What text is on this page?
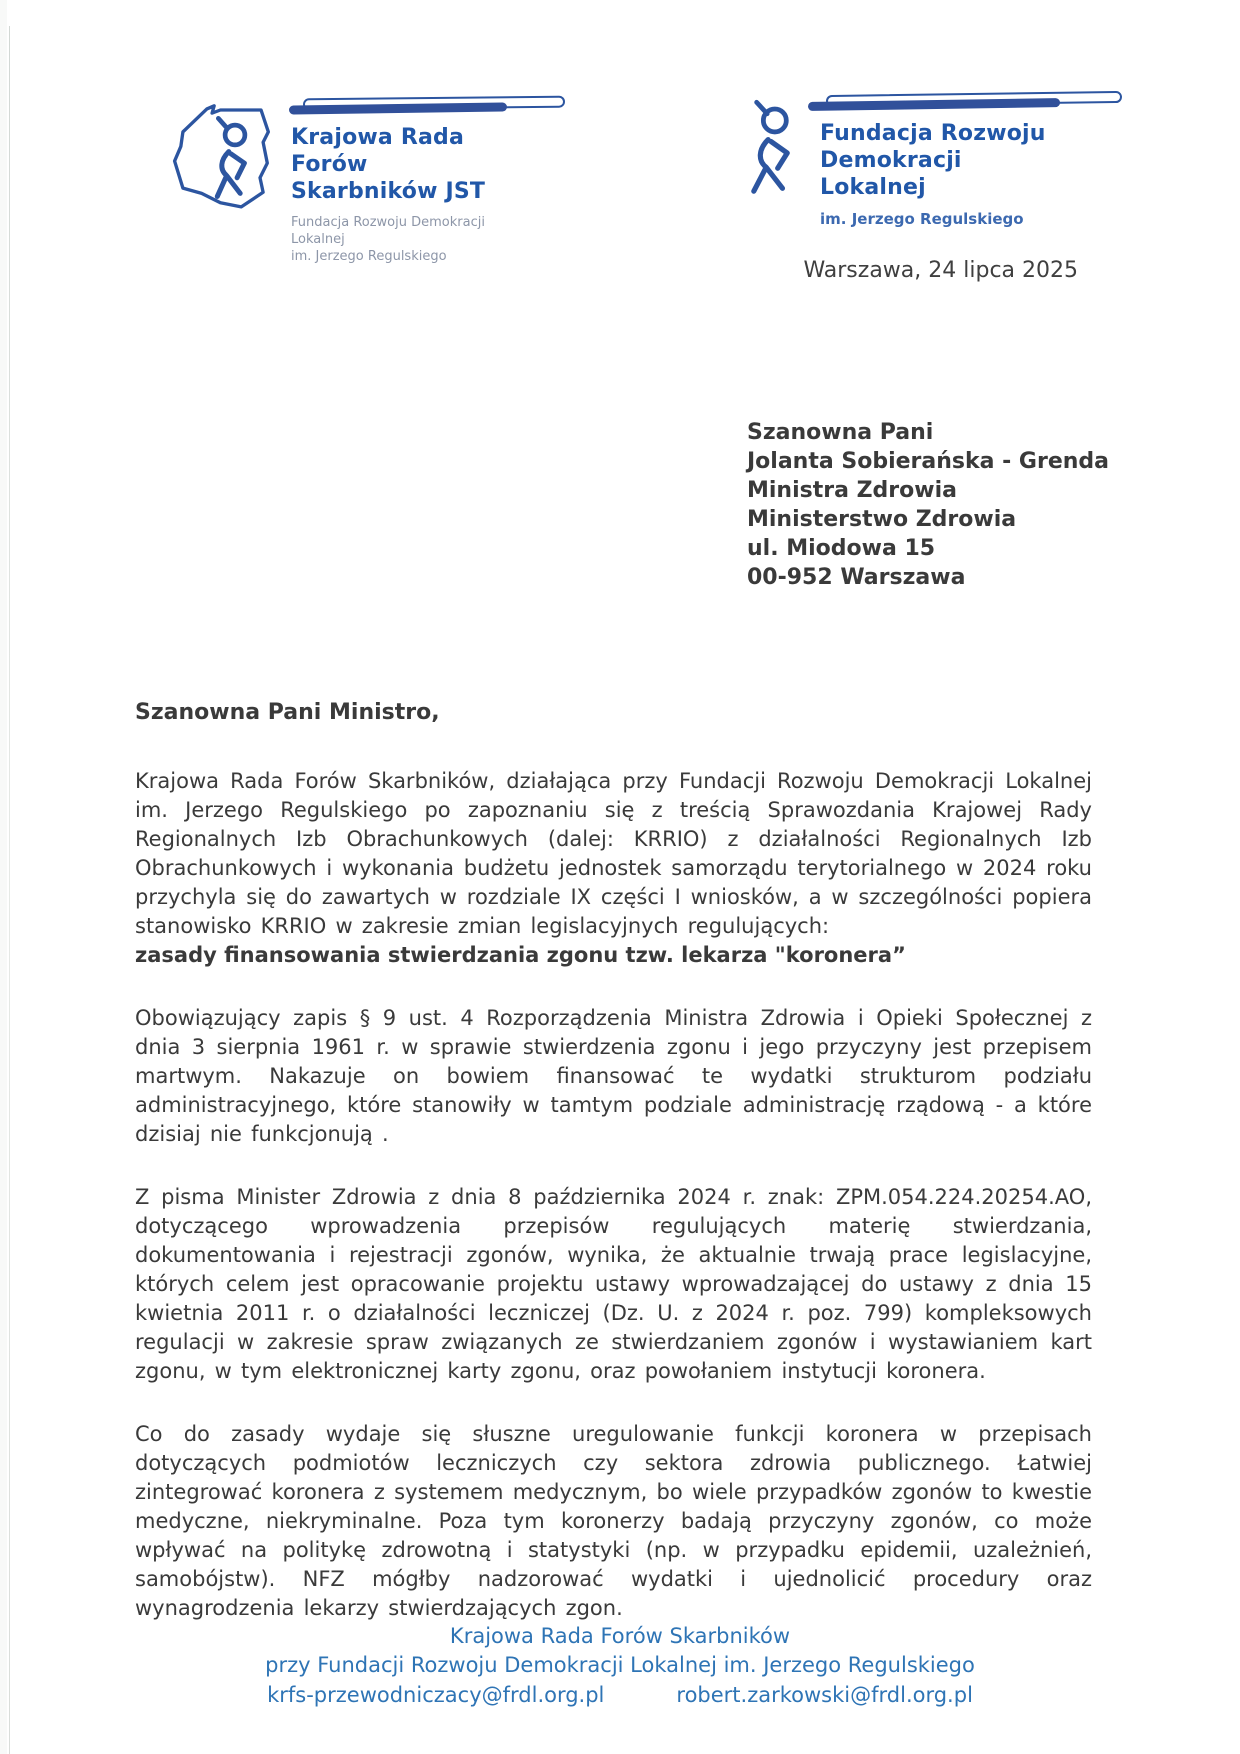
Krajowa Rada Forów
Skarbników JST
Fundacja Rozwoju Demokracji Lokalnej
im. Jerzego Regulskiego
Fundacja Rozwoju
Demokracji Lokalnej
im. Jerzego Regulskiego
Warszawa, 24 lipca 2025
Szanowna Pani
Jolanta Sobierańska - Grenda
Ministra Zdrowia
Ministerstwo Zdrowia
ul. Miodowa 15
00-952 Warszawa

Szanowna Pani Ministro,

Krajowa Rada Forów Skarbników, działająca przy Fundacji Rozwoju Demokracji Lokalnej im. Jerzego Regulskiego po zapoznaniu się z treścią Sprawozdania Krajowej Rady Regionalnych Izb Obrachunkowych (dalej: KRRIO) z działalności Regionalnych Izb Obrachunkowych i wykonania budżetu jednostek samorządu terytorialnego w 2024 roku przychyla się do zawartych w rozdziale IX części I wniosków, a w szczególności popiera stanowisko KRRIO w zakresie zmian legislacyjnych regulujących:

zasady finansowania stwierdzania zgonu tzw. lekarza "koronera”

Obowiązujący zapis § 9 ust. 4 Rozporządzenia Ministra Zdrowia i Opieki Społecznej z dnia 3 sierpnia 1961 r. w sprawie stwierdzenia zgonu i jego przyczyny jest przepisem martwym. Nakazuje on bowiem finansować te wydatki strukturom podziału administracyjnego, które stanowiły w tamtym podziale administrację rządową - a które dzisiaj nie funkcjonują .

Z pisma Minister Zdrowia z dnia 8 października 2024 r. znak: ZPM.054.224.20254.AO, dotyczącego wprowadzenia przepisów regulujących materię stwierdzania, dokumentowania i rejestracji zgonów, wynika, że aktualnie trwają prace legislacyjne, których celem jest opracowanie projektu ustawy wprowadzającej do ustawy z dnia 15 kwietnia 2011 r. o działalności leczniczej (Dz. U. z 2024 r. poz. 799) kompleksowych regulacji w zakresie spraw związanych ze stwierdzaniem zgonów i wystawianiem kart zgonu, w tym elektronicznej karty zgonu, oraz powołaniem instytucji koronera.

Co do zasady wydaje się słuszne uregulowanie funkcji koronera w przepisach dotyczących podmiotów leczniczych czy sektora zdrowia publicznego. Łatwiej zintegrować koronera z systemem medycznym, bo wiele przypadków zgonów to kwestie medyczne, niekryminalne. Poza tym koronerzy badają przyczyny zgonów, co może wpływać na politykę zdrowotną i statystyki (np. w przypadku epidemii, uzależnień, samobójstw). NFZ mógłby nadzorować wydatki i ujednolicić procedury oraz wynagrodzenia lekarzy stwierdzających zgon.

Krajowa Rada Forów Skarbników
przy Fundacji Rozwoju Demokracji Lokalnej im. Jerzego Regulskiego
krfs-przewodniczacy@frdl.org.pl	robert.zarkowski@frdl.org.pl
